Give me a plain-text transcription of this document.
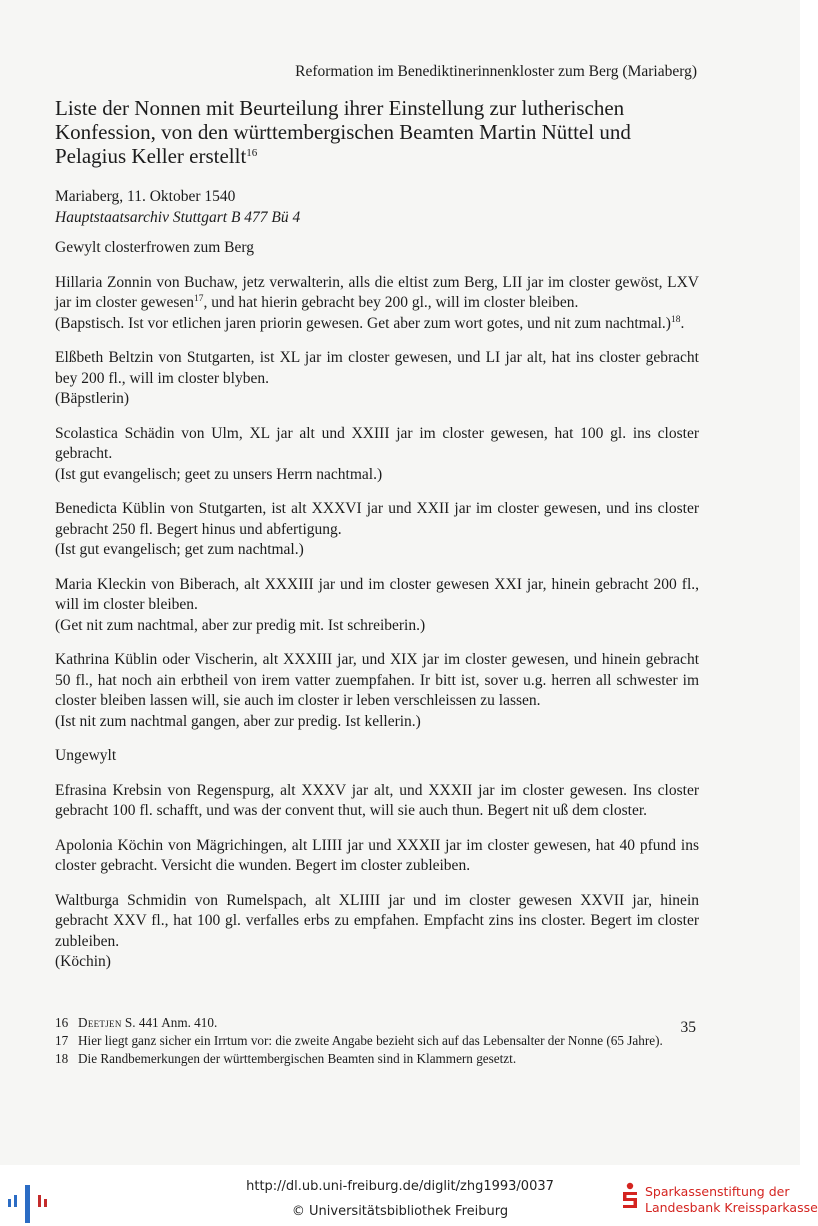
Reformation im Benediktinerinnenkloster zum Berg (Mariaberg)
Liste der Nonnen mit Beurteilung ihrer Einstellung zur lutherischen Konfession, von den württembergischen Beamten Martin Nüttel und Pelagius Keller erstellt$^{16}$

Mariaberg, 11. Oktober 1540

Hauptstaatsarchiv Stuttgart B 477 Bü 4

Gewylt closterfrowen zum Berg

Hillaria Zonnin von Buchaw, jetz verwalterin, alls die eltist zum Berg, LII jar im closter gewöst, LXV jar im closter gewesen$^{17}$, und hat hierin gebracht bey 200 gl., will im closter bleiben.

(Bapstisch. Ist vor etlichen jaren priorin gewesen. Get aber zum wort gotes, und nit zum nachtmal.)$^{18}$.

Elßbeth Beltzin von Stutgarten, ist XL jar im closter gewesen, und LI jar alt, hat ins closter gebracht bey 200 fl., will im closter blyben.

(Bäpstlerin)

Scolastica Schädin von Ulm, XL jar alt und XXIII jar im closter gewesen, hat 100 gl. ins closter gebracht.

(Ist gut evangelisch; geet zu unsers Herrn nachtmal.)

Benedicta Küblin von Stutgarten, ist alt XXXVI jar und XXII jar im closter gewesen, und ins closter gebracht 250 fl. Begert hinus und abfertigung.

(Ist gut evangelisch; get zum nachtmal.)

Maria Kleckin von Biberach, alt XXXIII jar und im closter gewesen XXI jar, hinein gebracht 200 fl., will im closter bleiben.

(Get nit zum nachtmal, aber zur predig mit. Ist schreiberin.)

Kathrina Küblin oder Vischerin, alt XXXIII jar, und XIX jar im closter gewesen, und hinein gebracht 50 fl., hat noch ain erbtheil von irem vatter zuempfahen. Ir bitt ist, sover u.g. herren all schwester im closter bleiben lassen will, sie auch im closter ir leben verschleissen zu lassen.

(Ist nit zum nachtmal gangen, aber zur predig. Ist kellerin.)

Ungewylt

Efrasina Krebsin von Regenspurg, alt XXXV jar alt, und XXXII jar im closter gewesen. Ins closter gebracht 100 fl. schafft, und was der convent thut, will sie auch thun. Begert nit uß dem closter.

Apolonia Köchin von Mägrichingen, alt LIIII jar und XXXII jar im closter gewesen, hat 40 pfund ins closter gebracht. Versicht die wunden. Begert im closter zubleiben.

Waltburga Schmidin von Rumelspach, alt XLIIII jar und im closter gewesen XXVII jar, hinein gebracht XXV fl., hat 100 gl. verfalles erbs zu empfahen. Empfacht zins ins closter. Begert im closter zubleiben.

(Köchin)

16 Deetjen S. 441 Anm. 410.
17 Hier liegt ganz sicher ein Irrtum vor: die zweite Angabe bezieht sich auf das Lebensalter der Nonne (65 Jahre).
18 Die Randbemerkungen der württembergischen Beamten sind in Klammern gesetzt.
35
http://dl.ub.uni-freiburg.de/diglit/zhg1993/0037
© Universitätsbibliothek Freiburg
Sparkassenstiftung der
Landesbank Kreissparkasse
